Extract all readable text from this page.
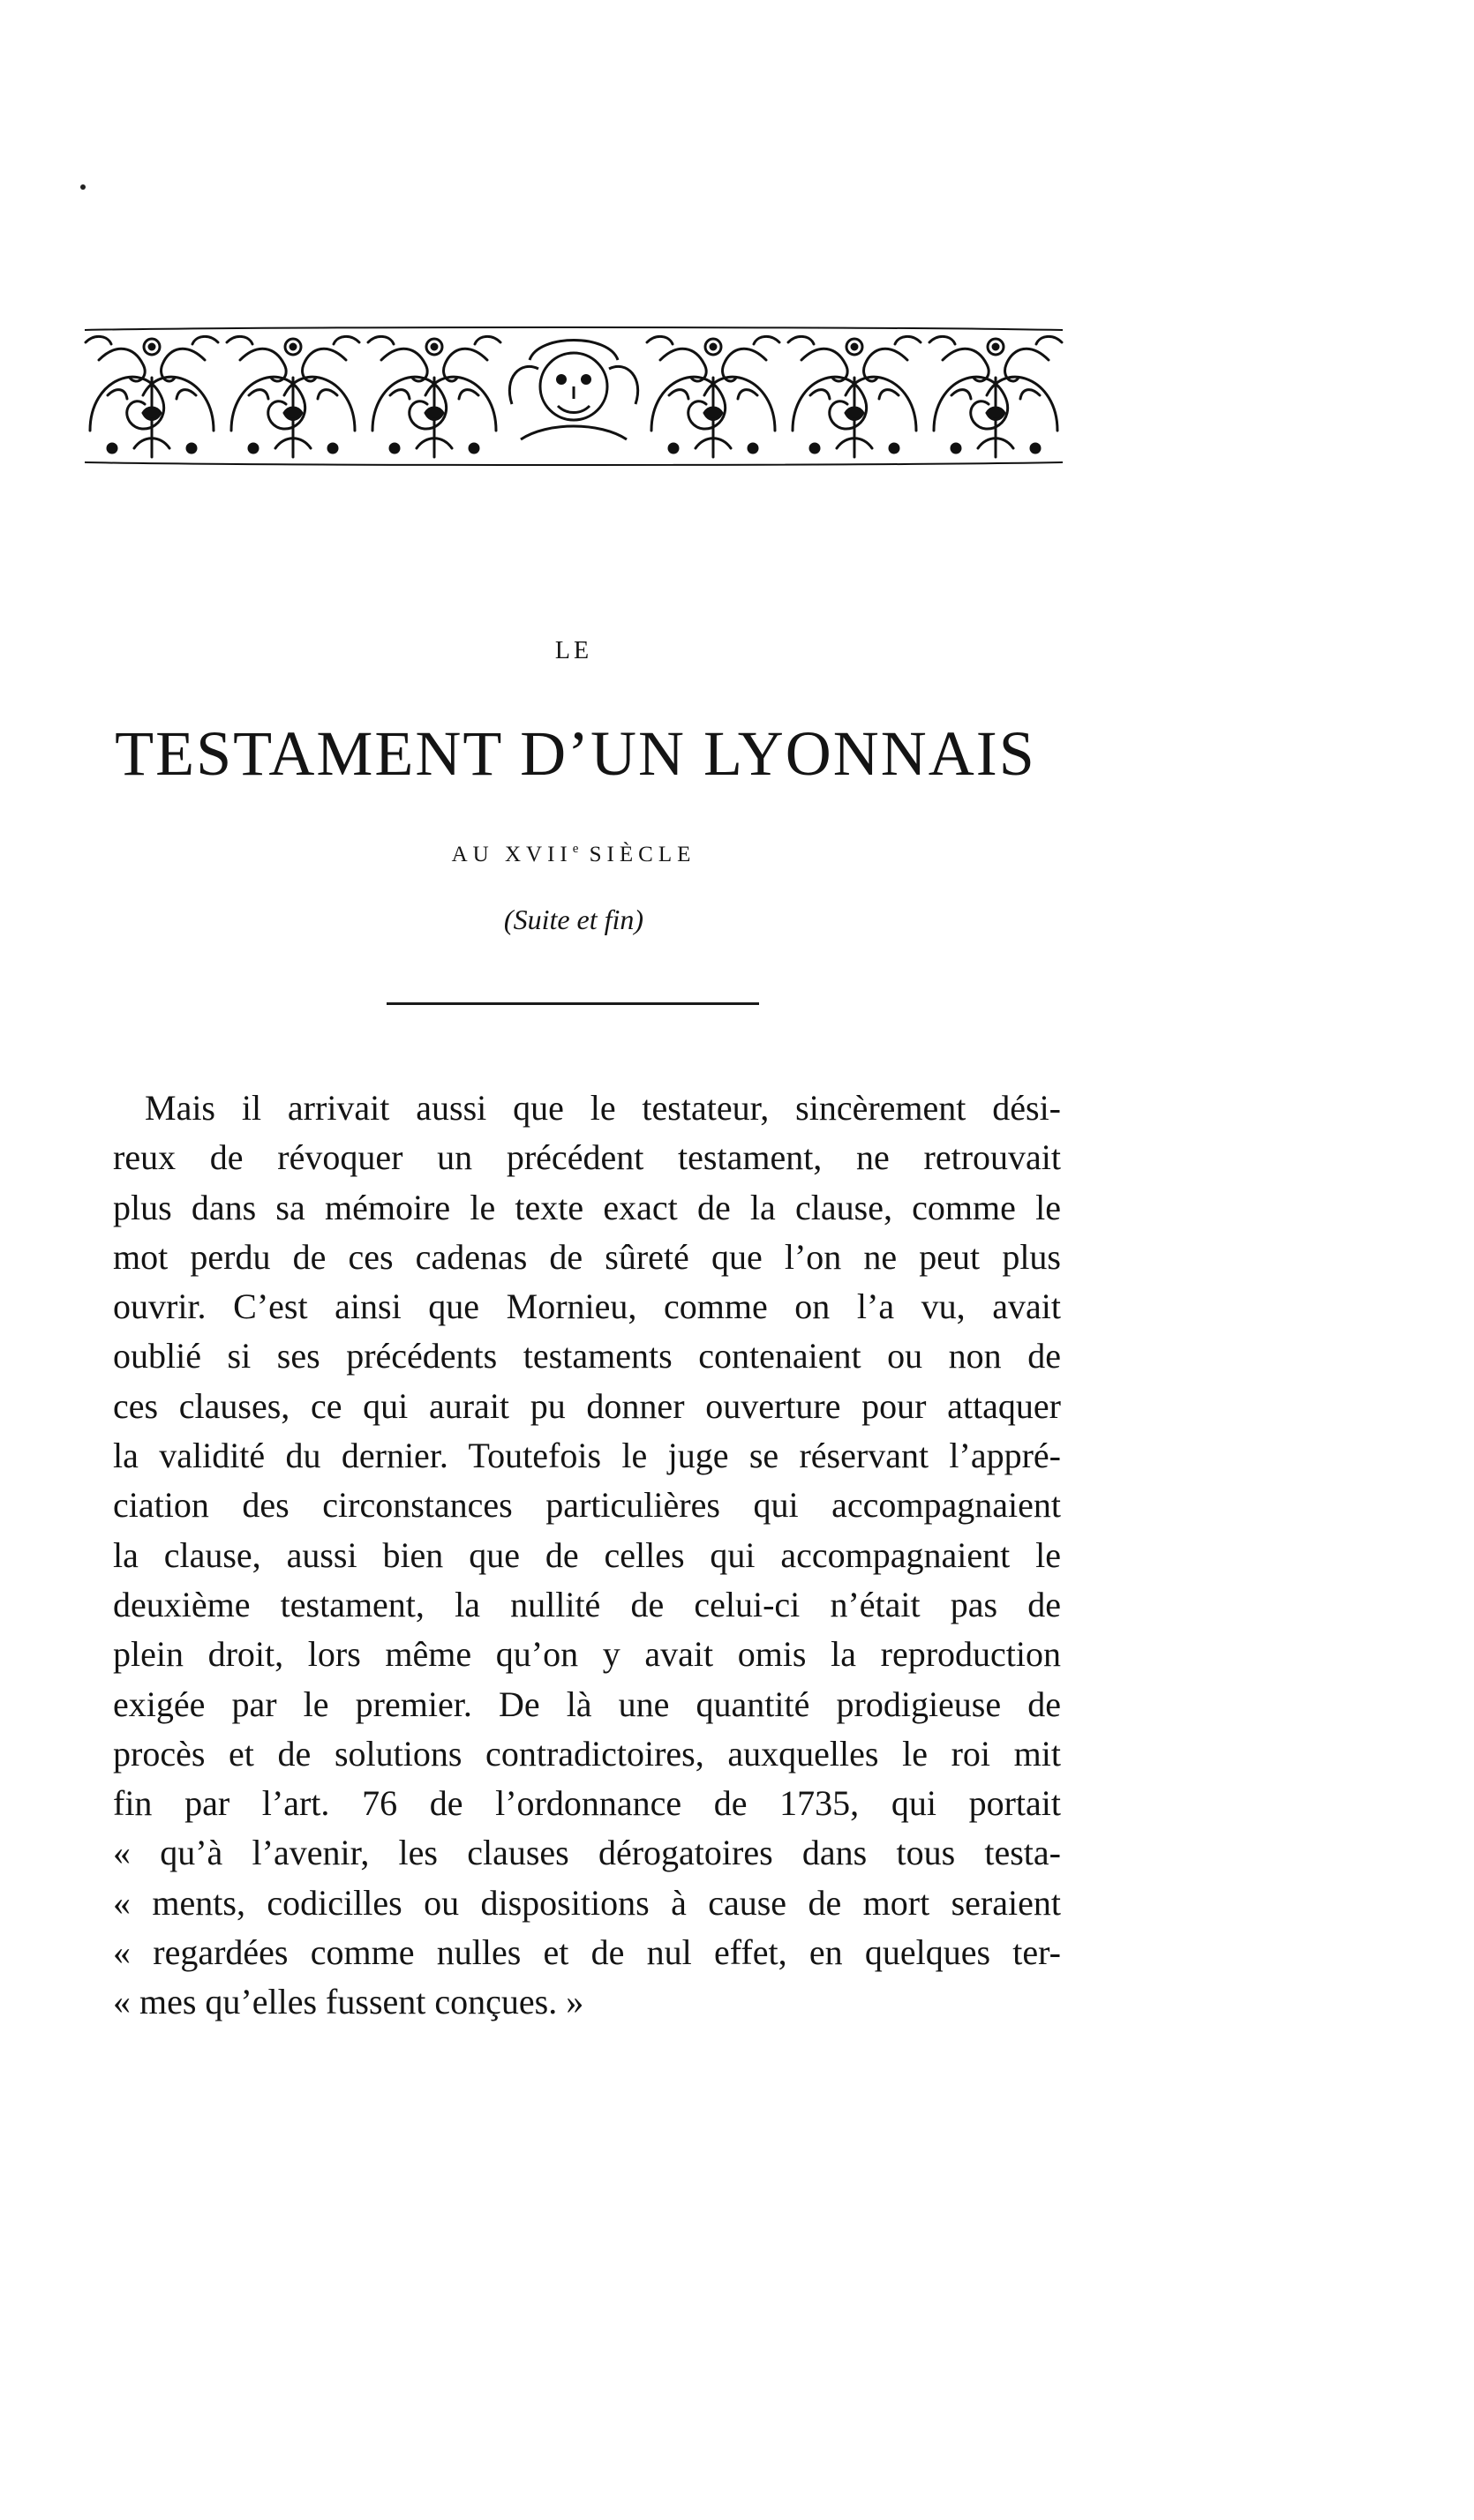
LE
TESTAMENT D’UN LYONNAIS
AU XVIIe SIÈCLE
(Suite et fin)
Mais il arrivait aussi que le testateur, sincèrement dési-
reux de révoquer un précédent testament, ne retrouvait
plus dans sa mémoire le texte exact de la clause, comme le
mot perdu de ces cadenas de sûreté que l’on ne peut plus
ouvrir. C’est ainsi que Mornieu, comme on l’a vu, avait
oublié si ses précédents testaments contenaient ou non de
ces clauses, ce qui aurait pu donner ouverture pour attaquer
la validité du dernier. Toutefois le juge se réservant l’appré-
ciation des circonstances particulières qui accompagnaient
la clause, aussi bien que de celles qui accompagnaient le
deuxième testament, la nullité de celui-ci n’était pas de
plein droit, lors même qu’on y avait omis la reproduction
exigée par le premier. De là une quantité prodigieuse de
procès et de solutions contradictoires, auxquelles le roi mit
fin par l’art. 76 de l’ordonnance de 1735, qui portait
« qu’à l’avenir, les clauses dérogatoires dans tous testa-
« ments, codicilles ou dispositions à cause de mort seraient
« regardées comme nulles et de nul effet, en quelques ter-
« mes qu’elles fussent conçues. »
